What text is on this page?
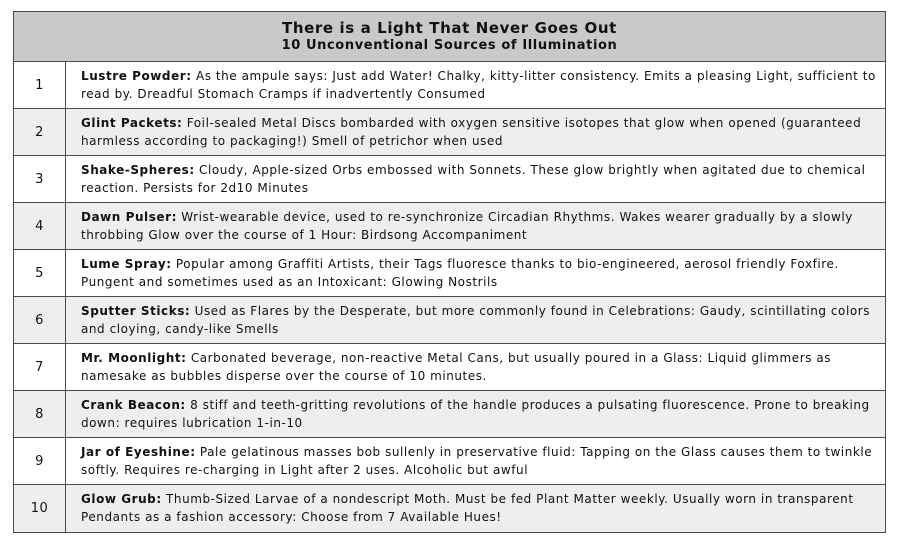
There is a Light That Never Goes Out
10 Unconventional Sources of Illumination
1
Lustre Powder: As the ampule says: Just add Water! Chalky, kitty-litter consistency. Emits a pleasing Light, sufficient to read by. Dreadful Stomach Cramps if inadvertently Consumed
2
Glint Packets: Foil-sealed Metal Discs bombarded with oxygen sensitive isotopes that glow when opened (guaranteed harmless according to packaging!) Smell of petrichor when used
3
Shake-Spheres: Cloudy, Apple-sized Orbs embossed with Sonnets. These glow brightly when agitated due to chemical reaction. Persists for 2d10 Minutes
4
Dawn Pulser: Wrist-wearable device, used to re-synchronize Circadian Rhythms. Wakes wearer gradually by a slowly throbbing Glow over the course of 1 Hour: Birdsong Accompaniment
5
Lume Spray: Popular among Graffiti Artists, their Tags fluoresce thanks to bio-engineered, aerosol friendly Foxfire. Pungent and sometimes used as an Intoxicant: Glowing Nostrils
6
Sputter Sticks: Used as Flares by the Desperate, but more commonly found in Celebrations: Gaudy, scintillating colors and cloying, candy-like Smells
7
Mr. Moonlight: Carbonated beverage, non-reactive Metal Cans, but usually poured in a Glass: Liquid glimmers as namesake as bubbles disperse over the course of 10 minutes.
8
Crank Beacon: 8 stiff and teeth-gritting revolutions of the handle produces a pulsating fluorescence. Prone to breaking down: requires lubrication 1-in-10
9
Jar of Eyeshine: Pale gelatinous masses bob sullenly in preservative fluid: Tapping on the Glass causes them to twinkle softly. Requires re-charging in Light after 2 uses. Alcoholic but awful
10
Glow Grub: Thumb-Sized Larvae of a nondescript Moth. Must be fed Plant Matter weekly. Usually worn in transparent Pendants as a fashion accessory: Choose from 7 Available Hues!
